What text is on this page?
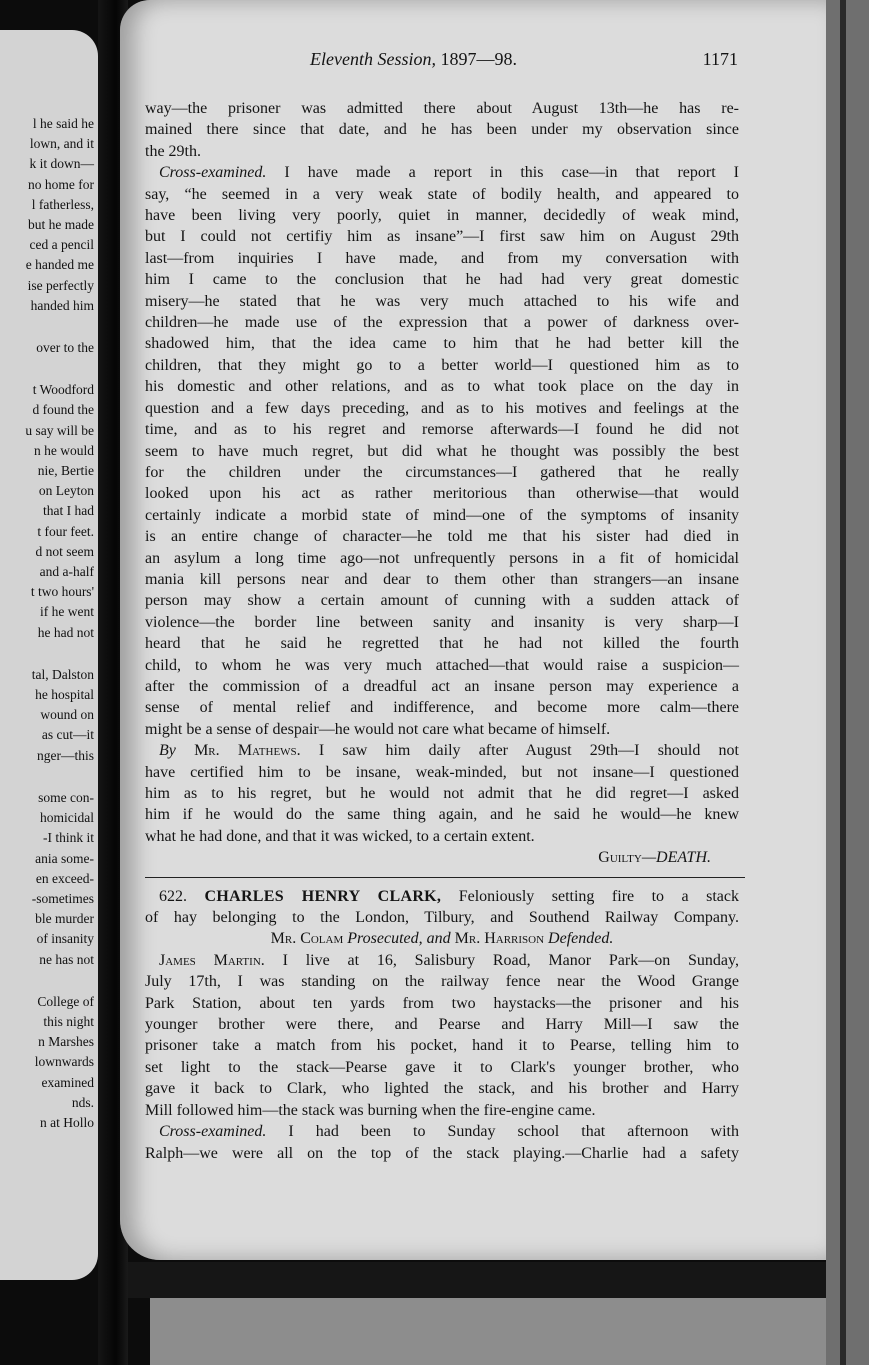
l he said he
lown, and it
k it down—
no home for
l fatherless,
but he made
ced a pencil
e handed me
ise perfectly
handed him
over to the
t Woodford
d found the
u say will be
n he would
nie, Bertie
on Leyton
that I had
t four feet.
d not seem
and a-half
t two hours'
if he went
he had not
tal, Dalston
he hospital
wound on
as cut—it
nger—this
some con-
homicidal
-I think it
ania some-
en exceed-
-sometimes
ble murder
of insanity
ne has not
College of
this night
n Marshes
lownwards
examined
nds.
n at Hollo
Eleventh Session, 1897—98.	1171
way—the prisoner was admitted there about August 13th—he has re-
mained there since that date, and he has been under my observation since
the 29th.
Cross-examined. I have made a report in this case—in that report I
say, “he seemed in a very weak state of bodily health, and appeared to
have been living very poorly, quiet in manner, decidedly of weak mind,
but I could not certifiy him as insane”—I first saw him on August 29th
last—from inquiries I have made, and from my conversation with
him I came to the conclusion that he had had very great domestic
misery—he stated that he was very much attached to his wife and
children—he made use of the expression that a power of darkness over-
shadowed him, that the idea came to him that he had better kill the
children, that they might go to a better world—I questioned him as to
his domestic and other relations, and as to what took place on the day in
question and a few days preceding, and as to his motives and feelings at the
time, and as to his regret and remorse afterwards—I found he did not
seem to have much regret, but did what he thought was possibly the best
for the children under the circumstances—I gathered that he really
looked upon his act as rather meritorious than otherwise—that would
certainly indicate a morbid state of mind—one of the symptoms of insanity
is an entire change of character—he told me that his sister had died in
an asylum a long time ago—not unfrequently persons in a fit of homicidal
mania kill persons near and dear to them other than strangers—an insane
person may show a certain amount of cunning with a sudden attack of
violence—the border line between sanity and insanity is very sharp—I
heard that he said he regretted that he had not killed the fourth
child, to whom he was very much attached—that would raise a suspicion—
after the commission of a dreadful act an insane person may experience a
sense of mental relief and indifference, and become more calm—there
might be a sense of despair—he would not care what became of himself.
By Mr. Mathews. I saw him daily after August 29th—I should not
have certified him to be insane, weak-minded, but not insane—I questioned
him as to his regret, but he would not admit that he did regret—I asked
him if he would do the same thing again, and he said he would—he knew
what he had done, and that it was wicked, to a certain extent.
Guilty—DEATH.
622. CHARLES HENRY CLARK, Feloniously setting fire to a stack
of hay belonging to the London, Tilbury, and Southend Railway Company.
Mr. Colam Prosecuted, and Mr. Harrison Defended.
James Martin. I live at 16, Salisbury Road, Manor Park—on Sunday,
July 17th, I was standing on the railway fence near the Wood Grange
Park Station, about ten yards from two haystacks—the prisoner and his
younger brother were there, and Pearse and Harry Mill—I saw the
prisoner take a match from his pocket, hand it to Pearse, telling him to
set light to the stack—Pearse gave it to Clark's younger brother, who
gave it back to Clark, who lighted the stack, and his brother and Harry
Mill followed him—the stack was burning when the fire-engine came.
Cross-examined. I had been to Sunday school that afternoon with
Ralph—we were all on the top of the stack playing.—Charlie had a safety
